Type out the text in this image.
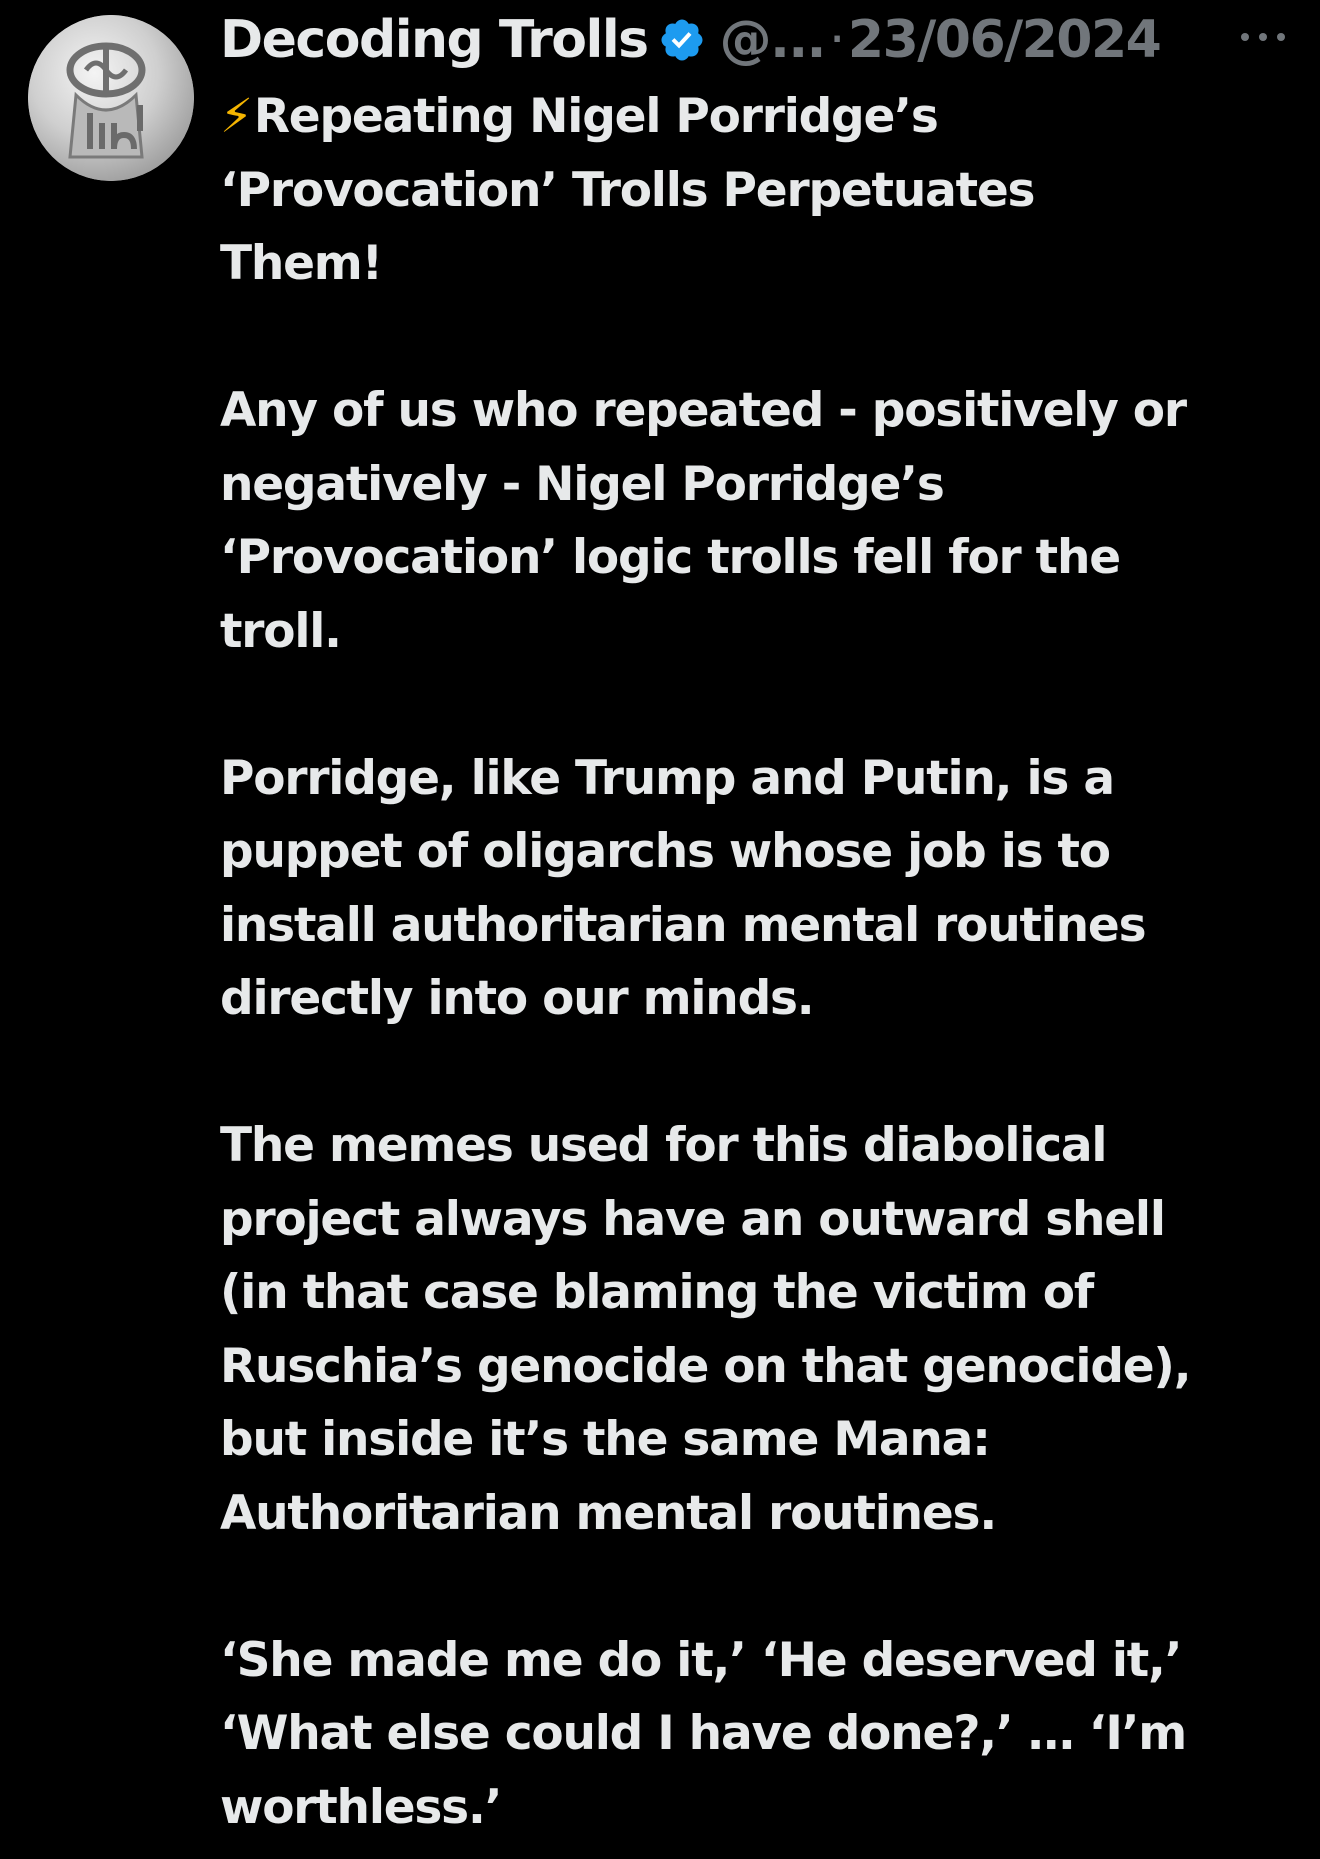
Decoding Trolls @... · 23/06/2024
⚡Repeating Nigel Porridge’s
‘Provocation’ Trolls Perpetuates
Them!
Any of us who repeated - positively or
negatively - Nigel Porridge’s
‘Provocation’ logic trolls fell for the
troll.
Porridge, like Trump and Putin, is a
puppet of oligarchs whose job is to
install authoritarian mental routines
directly into our minds.
The memes used for this diabolical
project always have an outward shell
(in that case blaming the victim of
Ruschia’s genocide on that genocide),
but inside it’s the same Mana:
Authoritarian mental routines.
‘She made me do it,’ ‘He deserved it,’
‘What else could I have done?,’ … ‘I’m
worthless.’
